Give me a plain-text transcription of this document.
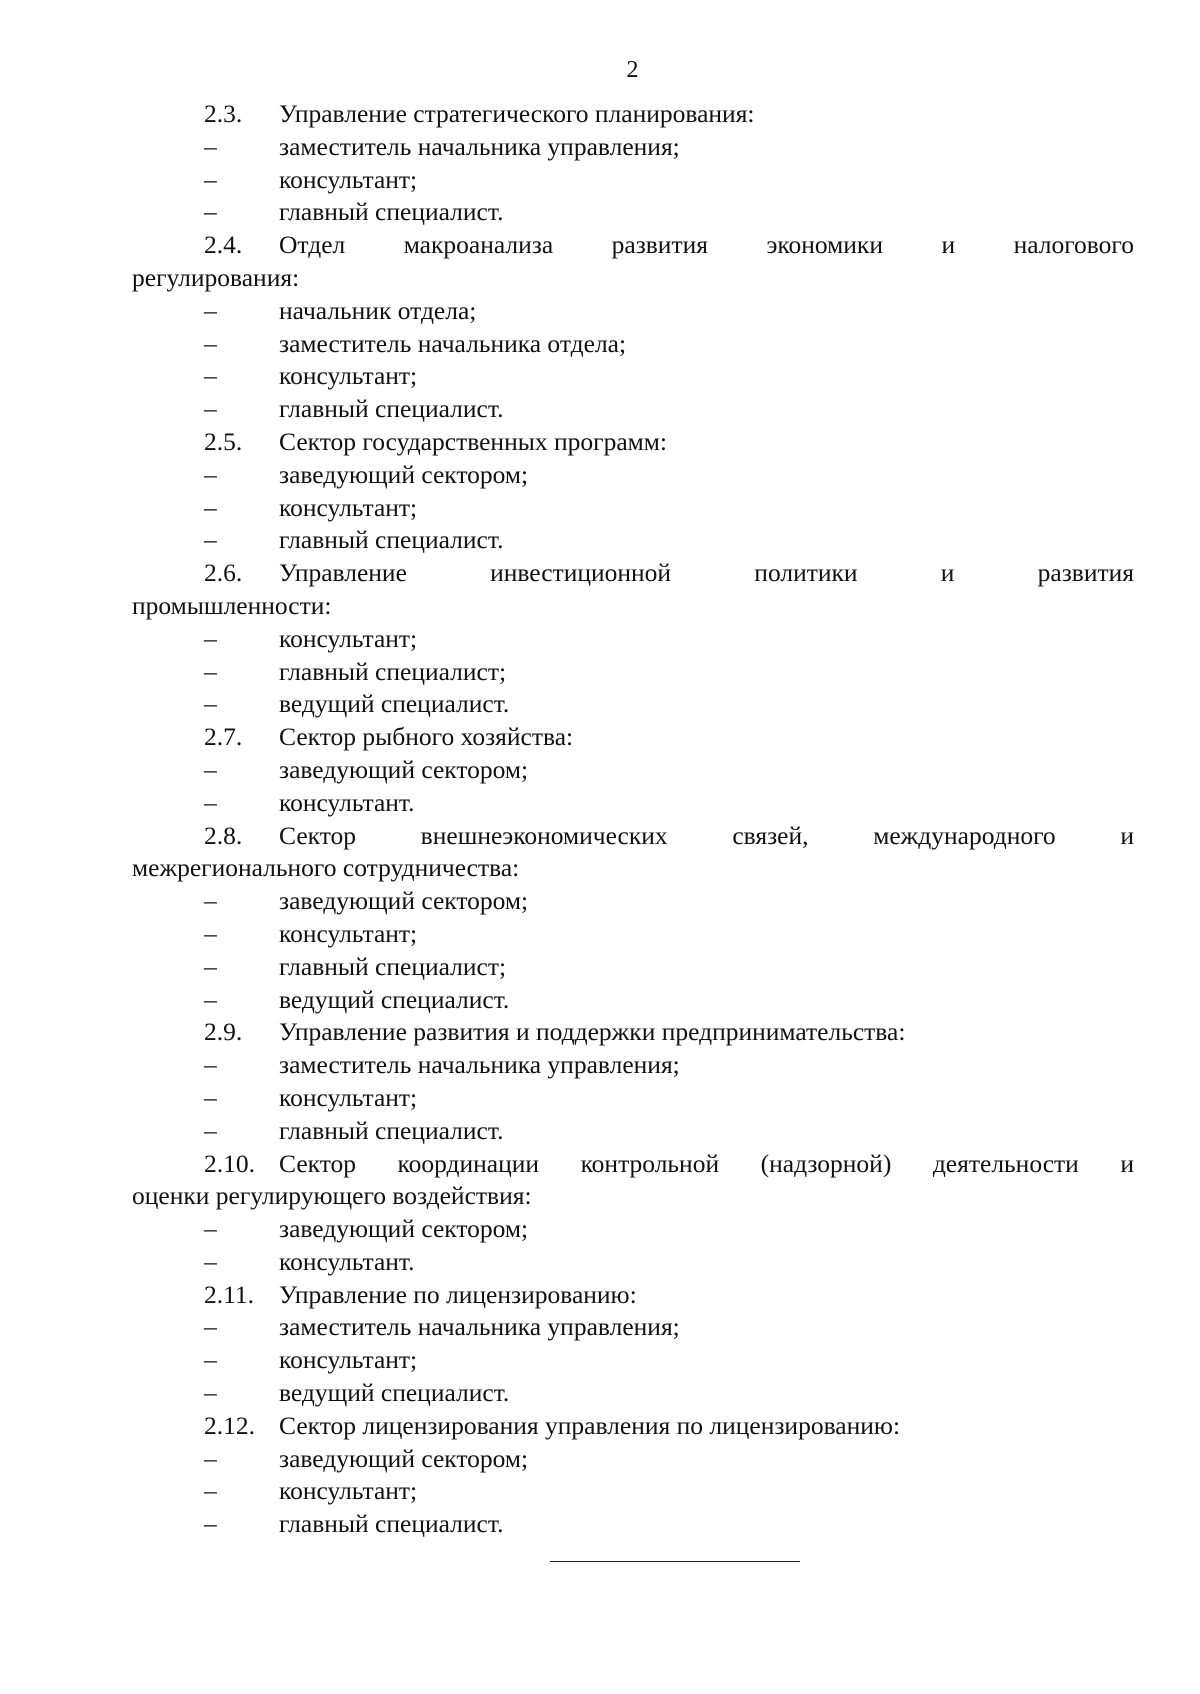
2
2.3.	Управление стратегического планирования:
–	заместитель начальника управления;
–	консультант;
–	главный специалист.
2.4.	Отдел макроанализа развития экономики и налогового
регулирования:
–	начальник отдела;
–	заместитель начальника отдела;
–	консультант;
–	главный специалист.
2.5.	Сектор государственных программ:
–	заведующий сектором;
–	консультант;
–	главный специалист.
2.6.	Управление инвестиционной политики и развития
промышленности:
–	консультант;
–	главный специалист;
–	ведущий специалист.
2.7.	Сектор рыбного хозяйства:
–	заведующий сектором;
–	консультант.
2.8.	Сектор внешнеэкономических связей, международного и
межрегионального сотрудничества:
–	заведующий сектором;
–	консультант;
–	главный специалист;
–	ведущий специалист.
2.9.	Управление развития и поддержки предпринимательства:
–	заместитель начальника управления;
–	консультант;
–	главный специалист.
2.10. Сектор координации контрольной (надзорной) деятельности и
оценки регулирующего воздействия:
–	заведующий сектором;
–	консультант.
2.11. Управление по лицензированию:
–	заместитель начальника управления;
–	консультант;
–	ведущий специалист.
2.12. Сектор лицензирования управления по лицензированию:
–	заведующий сектором;
–	консультант;
–	главный специалист.
